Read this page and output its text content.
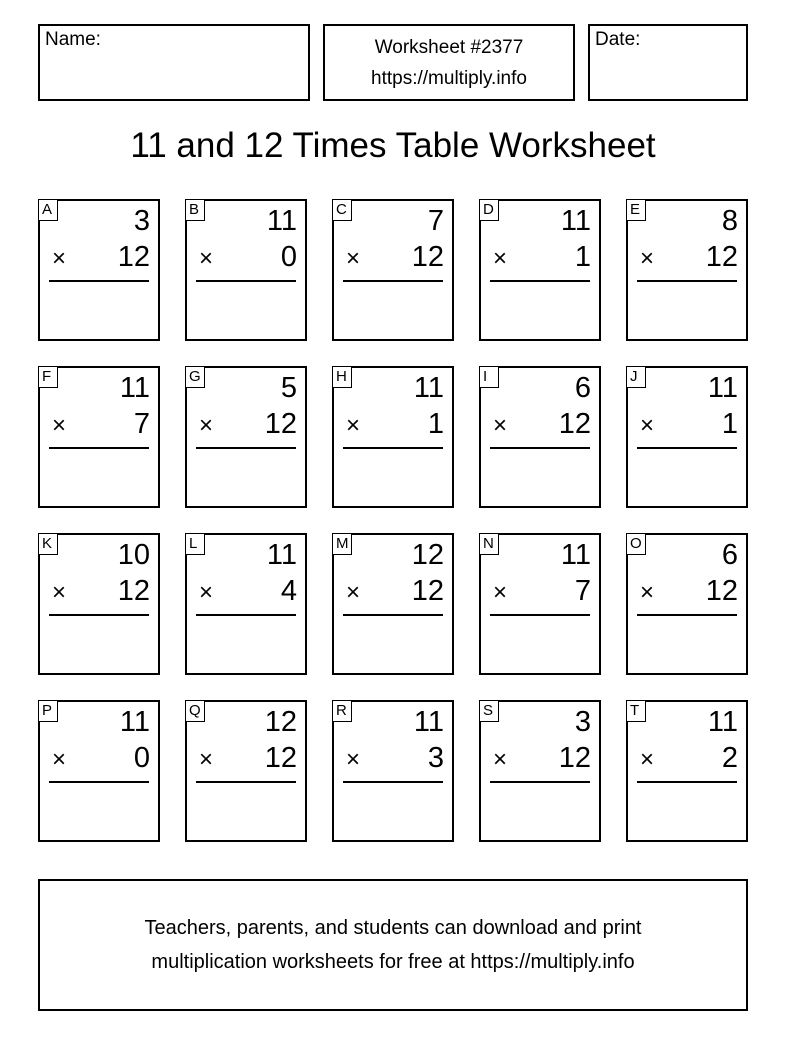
Name:	Worksheet #2377
https://multiply.info
Date:
11 and 12 Times Table Worksheet
A	3
× 12
B 11
× 0
C	7
× 12
D 11
× 1
E	8
× 12
F 11
× 7
G	5
× 12
H 11
× 1
I	6
× 12
J 11
× 1
K 10
× 12
L 11
× 4
M 12
× 12
N 11
× 7
O	6
× 12
P 11
× 0
Q 12
× 12
R 11
× 3
S	3
× 12
T 11
× 2
Teachers, parents, and students can download and print
multiplication worksheets for free at https://multiply.info
